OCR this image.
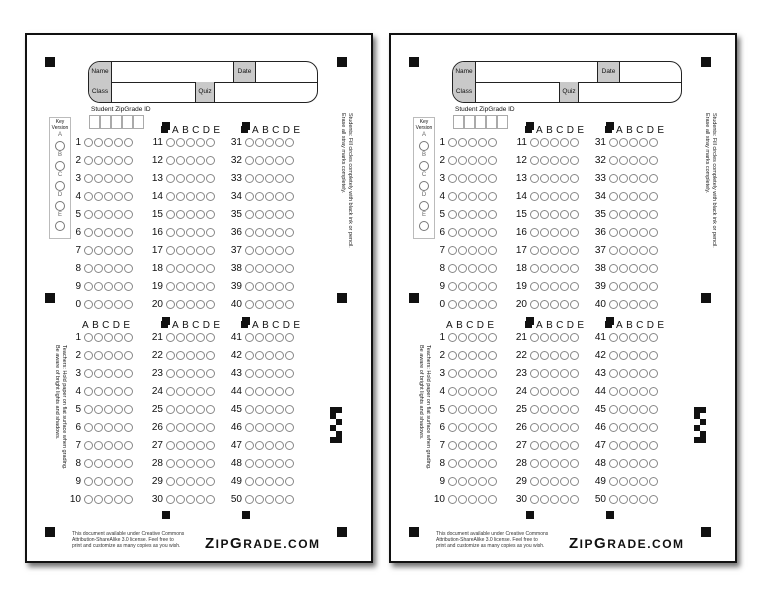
Name	Date
Class	Quiz
Student ZipGrade ID
Key Version
A
B
C
D
E
ABCDE	ABCDE
ABCDE	ABCDE	ABCDE
1	11	31
2	12	32
3	13	33
4	14	34
5	15	35
6	16	36
7	17	37
8	18	38
9	19	39
0	20	40
1	21	41
2	22	42
3	23	43
4	24	44
5	25	45
6	26	46
7	27	47
8	28	48
9	29	49
10	30	50
Students: Fill circles completely with black ink or pencil.
Erase all stray marks completely.
Teachers: Hold paper on flat surface when grading.
Be aware of bright lights and shadows.
This document available under Creative Commons
Attribution-ShareAlike 3.0 license. Feel free to
print and customize as many copies as you wish. ZIPGRADE.COM
Name	Date
Class	Quiz
Student ZipGrade ID
Key Version
A
B
C
D
E
ABCDE	ABCDE
ABCDE	ABCDE	ABCDE
1	11	31
2	12	32
3	13	33
4	14	34
5	15	35
6	16	36
7	17	37
8	18	38
9	19	39
0	20	40
1	21	41
2	22	42
3	23	43
4	24	44
5	25	45
6	26	46
7	27	47
8	28	48
9	29	49
10	30	50
Students: Fill circles completely with black ink or pencil.
Erase all stray marks completely.
Teachers: Hold paper on flat surface when grading.
Be aware of bright lights and shadows.
This document available under Creative Commons
Attribution-ShareAlike 3.0 license. Feel free to
print and customize as many copies as you wish. ZIPGRADE.COM
